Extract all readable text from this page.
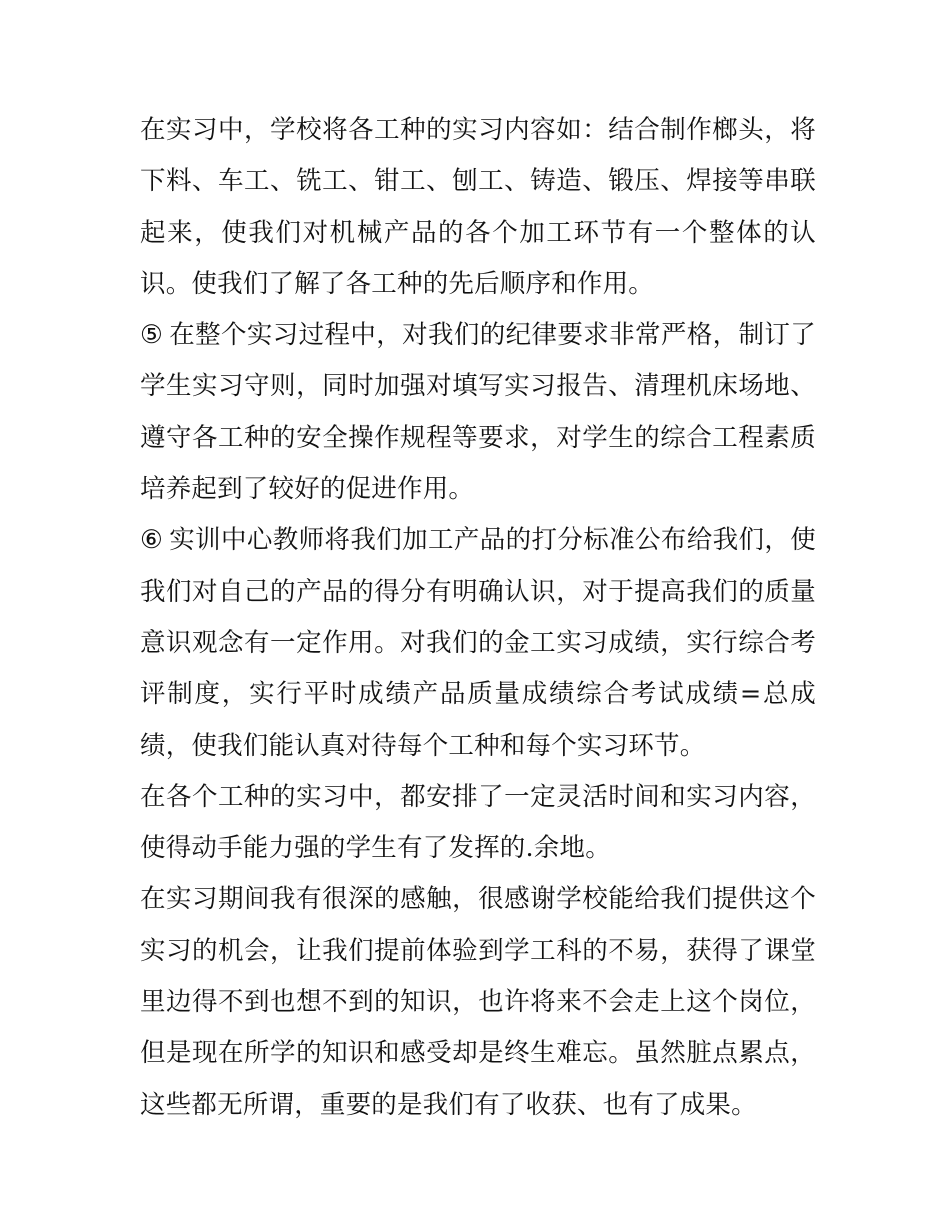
在实习中，学校将各工种的实习内容如：结合制作榔头，将下料、车工、铣工、钳工、刨工、铸造、锻压、焊接等串联起来，使我们对机械产品的各个加工环节有一个整体的认识。使我们了解了各工种的先后顺序和作用。

⑤ 在整个实习过程中，对我们的纪律要求非常严格，制订了学生实习守则，同时加强对填写实习报告、清理机床场地、遵守各工种的安全操作规程等要求，对学生的综合工程素质培养起到了较好的促进作用。

⑥ 实训中心教师将我们加工产品的打分标准公布给我们，使我们对自己的产品的得分有明确认识，对于提高我们的质量意识观念有一定作用。对我们的金工实习成绩，实行综合考评制度，实行平时成绩产品质量成绩综合考试成绩=总成绩，使我们能认真对待每个工种和每个实习环节。

在各个工种的实习中，都安排了一定灵活时间和实习内容，使得动手能力强的学生有了发挥的.余地。

在实习期间我有很深的感触，很感谢学校能给我们提供这个实习的机会，让我们提前体验到学工科的不易，获得了课堂里边得不到也想不到的知识，也许将来不会走上这个岗位，但是现在所学的知识和感受却是终生难忘。虽然脏点累点，这些都无所谓，重要的是我们有了收获、也有了成果。
